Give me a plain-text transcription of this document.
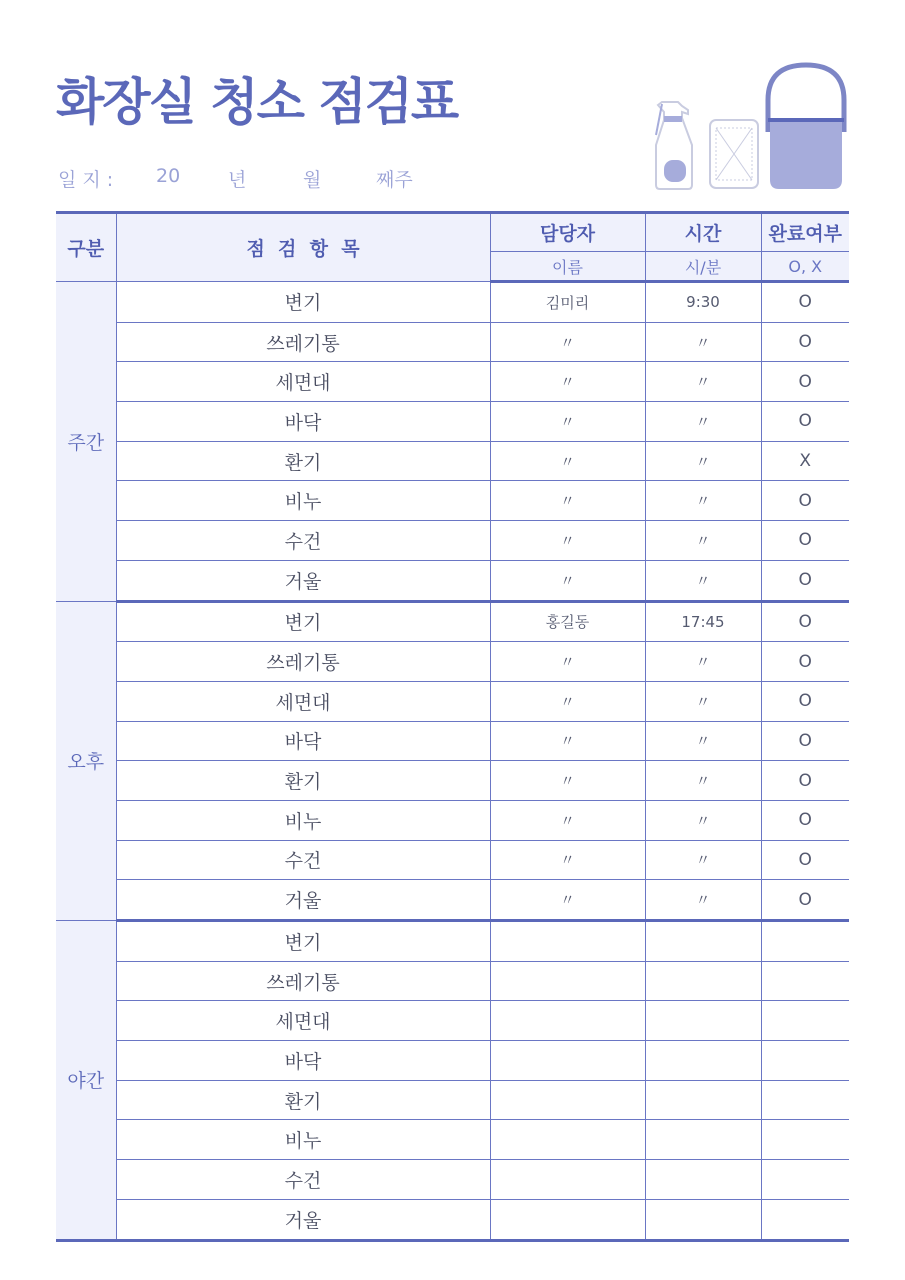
화장실 청소 점검표
일 지 : 20	년	월	째주
구분	점  검  항  목	담당자	시간	완료여부
		이름	시/분	O, X
주간	변기	김미리	9:30	O
	쓰레기통	〃	〃	O
	세면대	〃	〃	O
	바닥	〃	〃	O
	환기	〃	〃	X
	비누	〃	〃	O
	수건	〃	〃	O
	거울	〃	〃	O
오후	변기	홍길동	17:45	O
	쓰레기통	〃	〃	O
	세면대	〃	〃	O
	바닥	〃	〃	O
	환기	〃	〃	O
	비누	〃	〃	O
	수건	〃	〃	O
	거울	〃	〃	O
야간	변기			
	쓰레기통			
	세면대			
	바닥			
	환기			
	비누			
	수건			
	거울			
